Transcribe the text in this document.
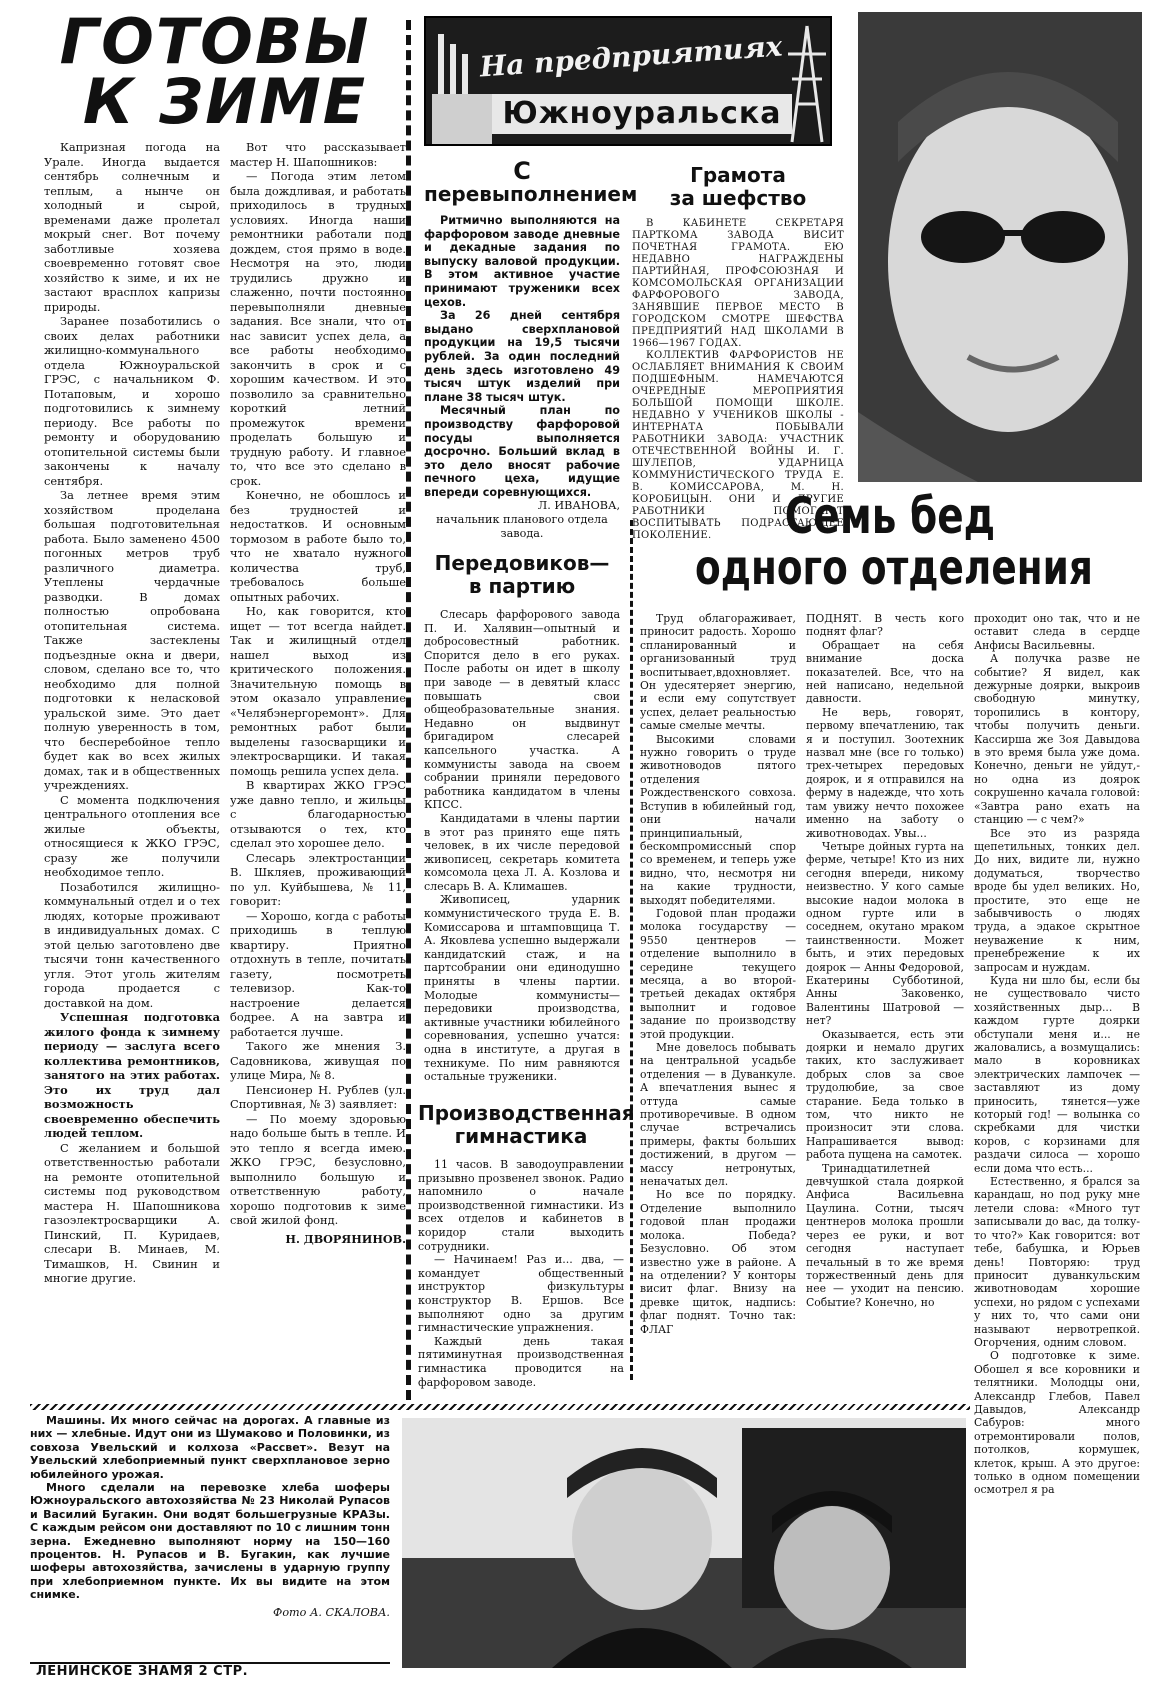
ГОТОВЫ
К ЗИМЕ

Капризная погода на Урале. Иногда выдается сентябрь солнечным и теплым, а нынче он холодный и сырой, временами даже пролетал мокрый снег. Вот почему заботливые хозяева своевременно готовят свое хозяйство к зиме, и их не застают врасплох капризы природы.

Заранее позаботились о своих делах работники жилищно-коммунального отдела Южноуральской ГРЭС, с начальником Ф. Потаповым, и хорошо подготовились к зимнему периоду. Все работы по ремонту и оборудованию отопительной системы были закончены к началу сентября.

За летнее время этим хозяйством проделана большая подготовительная работа. Было заменено 4500 погонных метров труб различного диаметра. Утеплены чердачные разводки. В домах полностью опробована отопительная система. Также застеклены подъездные окна и двери, словом, сделано все то, что необходимо для полной подготовки к нелаcковой уральской зиме. Это дает полную уверенность в том, что бесперебойное тепло будет как во всех жилых домах, так и в общественных учреждениях.

С момента подключения центрального отопления все жилые объекты, относящиеся к ЖКО ГРЭС, сразу же получили необходимое тепло.

Позаботился жилищно-коммунальный отдел и о тех людях, которые проживают в индивидуальных домах. С этой целью заготовлено две тысячи тонн качественного угля. Этот уголь жителям города продается с доставкой на дом.

Успешная подготовка жилого фонда к зимнему периоду — заслуга всего коллектива ремонтников, занятого на этих работах. Это их труд дал возможность своевременно обеспечить людей теплом.

С желанием и большой ответственностью работали на ремонте отопительной системы под руководством мастера Н. Шапошникова газоэлектросварщики А. Пинский, П. Куридаев, слесари В. Минаев, М. Тимашков, Н. Свинин и многие другие.

Вот что рассказывает мастер Н. Шапошников:

— Погода этим летом была дождливая, и работать приходилось в трудных условиях. Иногда наши ремонтники работали под дождем, стоя прямо в воде. Несмотря на это, люди трудились дружно и слаженно, почти постоянно перевыполняли дневные задания. Все знали, что от нас зависит успех дела, а все работы необходимо закончить в срок и с хорошим качеством. И это позволило за сравнительно короткий летний промежуток времени проделать большую и трудную работу. И главное то, что все это сделано в срок.

Конечно, не обошлось и без трудностей и недостатков. И основным тормозом в работе было то, что не хватало нужного количества труб, требовалось больше опытных рабочих.

Но, как говорится, кто ищет — тот всегда найдет. Так и жилищный отдел нашел выход из критического положения. Значительную помощь в этом оказало управление «Челябэнергоремонт». Для ремонтных работ были выделены газосварщики и электросварщики. И такая помощь решила успех дела.

В квартирах ЖКО ГРЭС уже давно тепло, и жильцы с благодарностью отзываются о тех, кто сделал это хорошее дело.

Слесарь электростанции В. Шкляев, проживающий по ул. Куйбышева, № 11, говорит:

— Хорошо, когда с работы приходишь в теплую квартиру. Приятно отдохнуть в тепле, почитать газету, посмотреть телевизор. Как-то настроение делается бодрее. А на завтра и работается лучше.

Такого же мнения З. Садовникова, живущая по улице Мира, № 8.

Пенсионер Н. Рублев (ул. Спортивная, № 3) заявляет:

— По моему здоровью надо больше быть в тепле. И это тепло я всегда имею. ЖКО ГРЭС, безусловно, выполнило большую и ответственную работу, хорошо подготовив к зиме свой жилой фонд.

Н. ДВОРЯНИНОВ.

На предприятиях
Южноуральска
С
перевыполнением

Ритмично выполняются на фарфоровом заводе дневные и декадные задания по выпуску валовой продукции. В этом активное участие принимают труженики всех цехов.

За 26 дней сентября выдано сверхплановой продукции на 19,5 тысячи рублей. За один последний день здесь изготовлено 49 тысяч штук изделий при плане 38 тысяч штук.

Месячный план по производству фарфоровой посуды выполняется досрочно. Больший вклад в это дело вносят рабочие печного цеха, идущие впереди соревнующихся.

Л. ИВАНОВА,

начальник планового отдела завода.

Грамота
за шефство

В КАБИНЕТЕ СЕКРЕТАРЯ ПАРТКОМА ЗАВОДА ВИСИТ ПОЧЕТНАЯ ГРАМОТА. ЕЮ НЕДАВНО НАГРАЖДЕНЫ ПАРТИЙНАЯ, ПРОФСОЮЗНАЯ И КОМСОМОЛЬСКАЯ ОРГАНИЗАЦИИ ФАРФОРОВОГО ЗАВОДА, ЗАНЯВШИЕ ПЕРВОЕ МЕСТО В ГОРОДСКОМ СМОТРЕ ШЕФСТВА ПРЕДПРИЯТИЙ НАД ШКОЛАМИ В 1966—1967 ГОДАХ.

КОЛЛЕКТИВ ФАРФОРИСТОВ НЕ ОСЛАБЛЯЕТ ВНИМАНИЯ К СВОИМ ПОДШЕФНЫМ. НАМЕЧАЮТСЯ ОЧЕРЕДНЫЕ МЕРОПРИЯТИЯ БОЛЬШОЙ ПОМОЩИ ШКОЛЕ. НЕДАВНО У УЧЕНИКОВ ШКОЛЫ - ИНТЕРНАТА ПОБЫВАЛИ РАБОТНИКИ ЗАВОДА: УЧАСТНИК ОТЕЧЕСТВЕННОЙ ВОЙНЫ И. Г. ШУЛЕПОВ, УДАРНИЦА КОММУНИСТИЧЕСКОГО ТРУДА Е. В. КОМИССАРОВА, М. Н. КОРОБИЦЫН. ОНИ И ДРУГИЕ РАБОТНИКИ ПОМОГАЮТ ВОСПИТЫВАТЬ ПОДРАСТАЮЩЕЕ ПОКОЛЕНИЕ.

Передовиков—
в партию

Слесарь фарфорового завода П. И. Халявин—опытный и добросовестный работник. Спорится дело в его руках. После работы он идет в школу при заводе — в девятый класс повышать свои общеобразовательные знания. Недавно он выдвинут бригадиром слесарей капсельного участка. А коммунисты завода на своем собрании приняли передового работника кандидатом в члены КПСС.

Кандидатами в члены партии в этот раз принято еще пять человек, в их числе передовой живописец, секретарь комитета комсомола цеха Л. А. Козлова и слесарь В. А. Климашев.

Живописец, ударник коммунистического труда Е. В. Комиссарова и штамповщица Т. А. Яковлева успешно выдержали кандидатский стаж, и на партсобрании они единодушно приняты в члены партии. Молодые коммунисты—передовики производства, активные участники юбилейного соревнования, успешно учатся: одна в институте, а другая в техникуме. По ним равняются остальные труженики.

Производственная
гимнастика

11 часов. В заводоуправлении призывно прозвенел звонок. Радио напомнило о начале производственной гимнастики. Из всех отделов и кабинетов в коридор стали выходить сотрудники.

— Начинаем! Раз и... два, — командует общественный инструктор физкультуры конструктор В. Ершов. Все выполняют одно за другим гимнастические упражнения.

Каждый день такая пятиминутная производственная гимнастика проводится на фарфоровом заводе.

Семь бед
одного отделения

Труд облагораживает, приносит радость. Хорошо спланированный и организованный труд воспитывает,вдохновляет. Он удесятеряет энергию, и если ему сопутствует успех, делает реальностью самые смелые мечты.

Высокими словами нужно говорить о труде животноводов пятого отделения Рождественского совхоза. Вступив в юбилейный год, они начали принципиальный, бескомпромиссный спор со временем, и теперь уже видно, что, несмотря ни на какие трудности, выходят победителями.

Годовой план продажи молока государству — 9550 центнеров — отделение выполнило в середине текущего месяца, а во второй-третьей декадах октября выполнит и годовое задание по производству этой продукции.

Мне довелось побывать на центральной усадьбе отделения — в Дуванкуле. А впечатления вынес я оттуда самые противоречивые. В одном случае встречались примеры, факты больших достижений, в другом — массу нетронутых, неначатых дел.

Но все по порядку. Отделение выполнило годовой план продажи молока. Победа? Безусловно. Об этом известно уже в районе. А на отделении? У конторы висит флаг. Внизу на древке щиток, надпись: флаг поднят. Точно так: ФЛАГ

ПОДНЯТ. В честь кого поднят флаг?

Обращает на себя внимание доска показателей. Все, что на ней написано, недельной давности.

Не верь, говорят, первому впечатлению, так я и поступил. Зоотехник назвал мне (все го только) трех-четырех передовых доярок, и я отправился на ферму в надежде, что хоть там увижу нечто похожее именно на заботу о животноводах. Увы...

Четыре дойных гурта на ферме, четыре! Кто из них сегодня впереди, никому неизвестно. У кого самые высокие надои молока в одном гурте или в соседнем, окутано мраком таинственности. Может быть, и этих передовых доярок — Анны Федоровой, Екатерины Субботиной, Анны Заковенко, Валентины Шатровой — нет?

Оказывается, есть эти доярки и немало других таких, кто заслуживает добрых слов за свое трудолюбие, за свое старание. Беда только в том, что никто не произносит эти слова. Напрашивается вывод: работа пущена на самотек.

Тринадцатилетней девчушкой стала дояркой Анфиса Васильевна Цаулина. Сотни, тысяч центнеров молока прошли через ее руки, и вот сегодня наступает печальный в то же время торжественный день для нее — уходит на пенсию. Событие? Конечно, но

проходит оно так, что и не оставит следа в сердце Анфисы Васильевны.

А получка разве не событие? Я видел, как дежурные доярки, выкроив свободную минутку, торопились в контору, чтобы получить деньги. Кассирша же Зоя Давыдова в это время была уже дома. Конечно, деньги не уйдут,- но одна из доярок сокрушенно качала головой: «Завтра рано ехать на станцию — с чем?»

Все это из разряда щепетильных, тонких дел. До них, видите ли, нужно додуматься, творчество вроде бы удел великих. Но, простите, это еще не забывчивость о людях труда, а эдакое скрытное неуважение к ним, пренебрежение к их запросам и нуждам.

Куда ни шло бы, если бы не существовало чисто хозяйственных дыр... В каждом гурте доярки обступали меня и... не жаловались, а возмущались: мало в коровниках электрических лампочек — заставляют из дому приносить, тянется—уже который год! — волынка со скребками для чистки коров, с корзинами для раздачи силоса — хорошо если дома что есть...

Естественно, я брался за карандаш, но под руку мне летели слова: «Много тут записывали до вас, да толку-то что?» Как говорится: вот тебе, бабушка, и Юрьев день! Повторяю: труд приносит дуванкульским животноводам хорошие успехи, но рядом с успехами у них то, что сами они называют нервотрепкой. Огорчения, одним словом.

О подготовке к зиме. Обошел я все коровники и телятники. Молодцы они, Александр Глебов, Павел Давыдов, Александр Сабуров: много отремонтировали полов, потолков, кормушек, клеток, крыш. А это другое: только в одном помещении осмотрел я ра

Машины. Их много сейчас на дорогах. А главные из них — хлебные. Идут они из Шумаково и Половинки, из совхоза Увельский и колхоза «Рассвет». Везут на Увельский хлебоприемный пункт сверхплановое зерно юбилейного урожая.

Много сделали на перевозке хлеба шоферы Южноуральского автохозяйства № 23 Николай Рупасов и Василий Бугакин. Они водят большегрузные КРАЗы. С каждым рейсом они доставляют по 10 с лишним тонн зерна. Ежедневно выполняют норму на 150—160 процентов. Н. Рупасов и В. Бугакин, как лучшие шоферы автохозяйства, зачислены в ударную группу при хлебоприемном пункте. Их вы видите на этом снимке.

Фото А. СКАЛОВА.

ЛЕНИНСКОЕ ЗНАМЯ 2 СТР.
